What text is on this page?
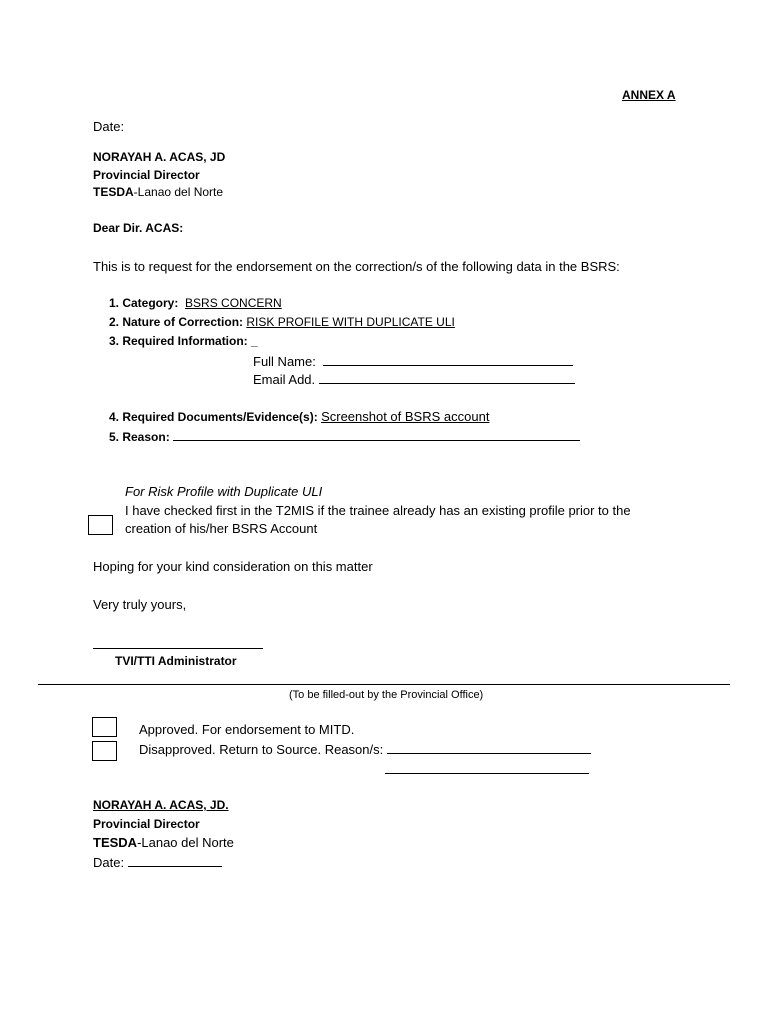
ANNEX A
Date:
NORAYAH A. ACAS, JD
Provincial Director
TESDA-Lanao del Norte
Dear Dir. ACAS:
This is to request for the endorsement on the correction/s of the following data in the BSRS:
1. Category: BSRS CONCERN
2. Nature of Correction: RISK PROFILE WITH DUPLICATE ULI
3. Required Information: _
Full Name:
Email Add.
4. Required Documents/Evidence(s): Screenshot of BSRS account
5. Reason:
For Risk Profile with Duplicate ULI
I have checked first in the T2MIS if the trainee already has an existing profile prior to the
creation of his/her BSRS Account
Hoping for your kind consideration on this matter
Very truly yours,
TVI/TTI Administrator
(To be filled-out by the Provincial Office)
Approved. For endorsement to MITD.
Disapproved. Return to Source. Reason/s:
NORAYAH A. ACAS, JD.
Provincial Director
TESDA-Lanao del Norte
Date:
